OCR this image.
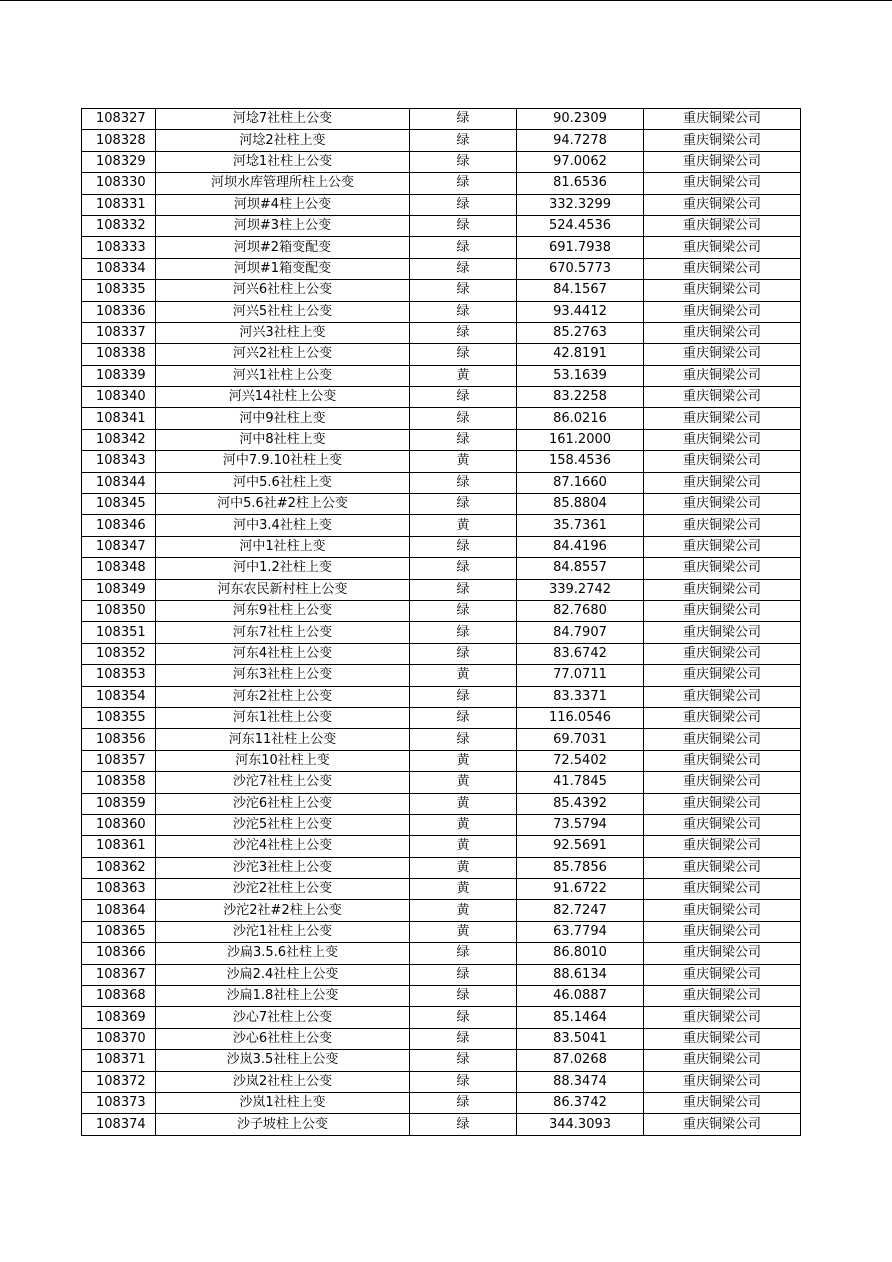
108327	河埝7社柱上公变	绿	90.2309	重庆铜梁公司
108328	河埝2社柱上变	绿	94.7278	重庆铜梁公司
108329	河埝1社柱上公变	绿	97.0062	重庆铜梁公司
108330	河坝水库管理所柱上公变	绿	81.6536	重庆铜梁公司
108331	河坝#4柱上公变	绿	332.3299	重庆铜梁公司
108332	河坝#3柱上公变	绿	524.4536	重庆铜梁公司
108333	河坝#2箱变配变	绿	691.7938	重庆铜梁公司
108334	河坝#1箱变配变	绿	670.5773	重庆铜梁公司
108335	河兴6社柱上公变	绿	84.1567	重庆铜梁公司
108336	河兴5社柱上公变	绿	93.4412	重庆铜梁公司
108337	河兴3社柱上变	绿	85.2763	重庆铜梁公司
108338	河兴2社柱上公变	绿	42.8191	重庆铜梁公司
108339	河兴1社柱上公变	黄	53.1639	重庆铜梁公司
108340	河兴14社柱上公变	绿	83.2258	重庆铜梁公司
108341	河中9社柱上变	绿	86.0216	重庆铜梁公司
108342	河中8社柱上变	绿	161.2000	重庆铜梁公司
108343	河中7.9.10社柱上变	黄	158.4536	重庆铜梁公司
108344	河中5.6社柱上变	绿	87.1660	重庆铜梁公司
108345	河中5.6社#2柱上公变	绿	85.8804	重庆铜梁公司
108346	河中3.4社柱上变	黄	35.7361	重庆铜梁公司
108347	河中1社柱上变	绿	84.4196	重庆铜梁公司
108348	河中1.2社柱上变	绿	84.8557	重庆铜梁公司
108349	河东农民新村柱上公变	绿	339.2742	重庆铜梁公司
108350	河东9社柱上公变	绿	82.7680	重庆铜梁公司
108351	河东7社柱上公变	绿	84.7907	重庆铜梁公司
108352	河东4社柱上公变	绿	83.6742	重庆铜梁公司
108353	河东3社柱上公变	黄	77.0711	重庆铜梁公司
108354	河东2社柱上公变	绿	83.3371	重庆铜梁公司
108355	河东1社柱上公变	绿	116.0546	重庆铜梁公司
108356	河东11社柱上公变	绿	69.7031	重庆铜梁公司
108357	河东10社柱上变	黄	72.5402	重庆铜梁公司
108358	沙沱7社柱上公变	黄	41.7845	重庆铜梁公司
108359	沙沱6社柱上公变	黄	85.4392	重庆铜梁公司
108360	沙沱5社柱上公变	黄	73.5794	重庆铜梁公司
108361	沙沱4社柱上公变	黄	92.5691	重庆铜梁公司
108362	沙沱3社柱上公变	黄	85.7856	重庆铜梁公司
108363	沙沱2社柱上公变	黄	91.6722	重庆铜梁公司
108364	沙沱2社#2柱上公变	黄	82.7247	重庆铜梁公司
108365	沙沱1社柱上公变	黄	63.7794	重庆铜梁公司
108366	沙扁3.5.6社柱上变	绿	86.8010	重庆铜梁公司
108367	沙扁2.4社柱上公变	绿	88.6134	重庆铜梁公司
108368	沙扁1.8社柱上公变	绿	46.0887	重庆铜梁公司
108369	沙心7社柱上公变	绿	85.1464	重庆铜梁公司
108370	沙心6社柱上公变	绿	83.5041	重庆铜梁公司
108371	沙岚3.5社柱上公变	绿	87.0268	重庆铜梁公司
108372	沙岚2社柱上公变	绿	88.3474	重庆铜梁公司
108373	沙岚1社柱上变	绿	86.3742	重庆铜梁公司
108374	沙子坡柱上公变	绿	344.3093	重庆铜梁公司
